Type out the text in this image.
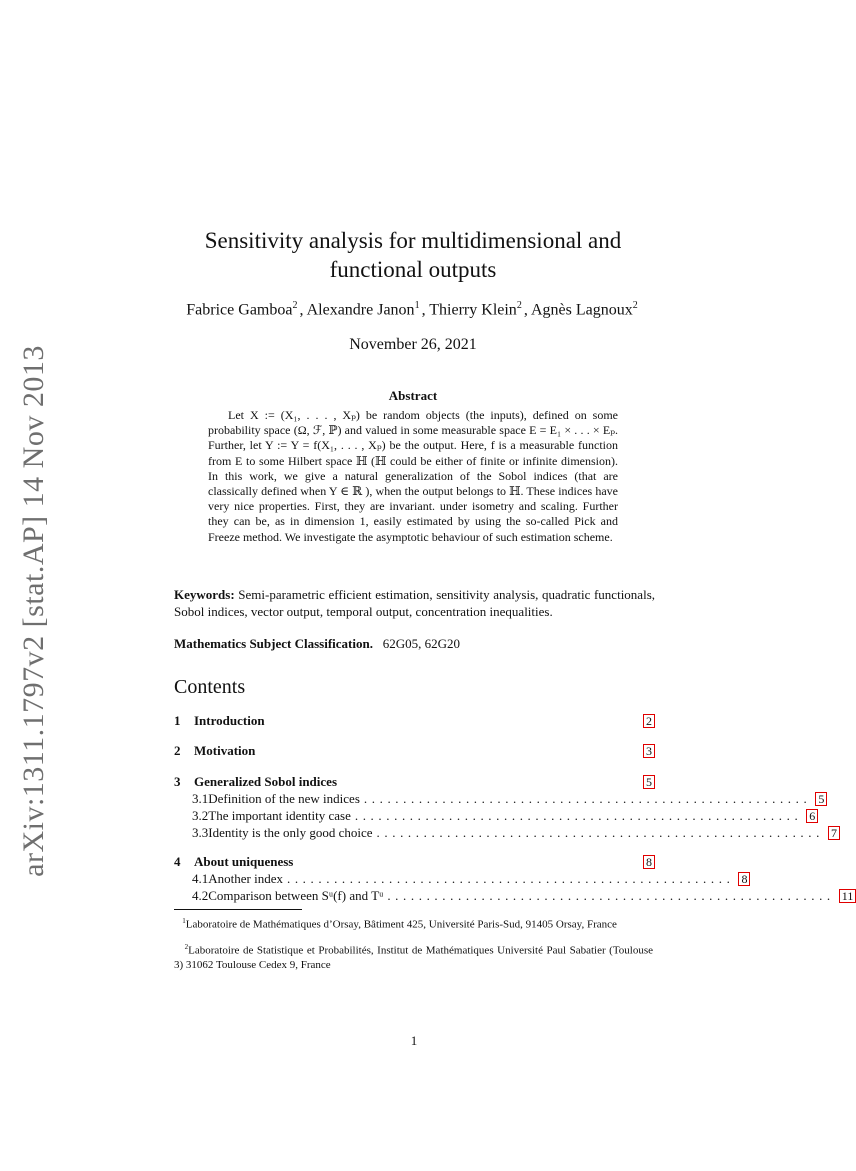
arXiv:1311.1797v2 [stat.AP] 14 Nov 2013
Sensitivity analysis for multidimensional and
functional outputs
Fabrice Gamboa$^2$ , Alexandre Janon$^1$ , Thierry Klein$^2$ , Agnès Lagnoux$^2$
November 26, 2021
Abstract
Let X := (X₁, . . . , Xₚ) be random objects (the inputs), defined on some probability space (Ω, ℱ, ℙ) and valued in some measurable space E = E₁ × . . . × Eₚ. Further, let Y := Y = f(X₁, . . . , Xₚ) be the output. Here, f is a measurable function from E to some Hilbert space ℍ (ℍ could be either of finite or infinite dimension). In this work, we give a natural generalization of the Sobol indices (that are classically defined when Y ∈ ℝ ), when the output belongs to ℍ. These indices have very nice properties. First, they are invariant. under isometry and scaling. Further they can be, as in dimension 1, easily estimated by using the so-called Pick and Freeze method. We investigate the asymptotic behaviour of such estimation scheme.
Keywords: Semi-parametric efficient estimation, sensitivity analysis, quadratic functionals, Sobol indices, vector output, temporal output, concentration inequalities.
Mathematics Subject Classification. 62G05, 62G20
Contents
1	Introduction	2
2	Motivation	3
3	Generalized Sobol indices	5
3.1 Definition of the new indices ......................................................... 5
3.2 The important identity case ......................................................... 6
3.3 Identity is the only good choice ......................................................... 7
4	About uniqueness	8
4.1 Another index ......................................................... 8
4.2 Comparison between Sᵘ(f) and Tᵘ ......................................................... 11
$^1$Laboratoire de Mathématiques d’Orsay, Bâtiment 425, Université Paris-Sud, 91405 Orsay, France
$^2$Laboratoire de Statistique et Probabilités, Institut de Mathématiques Université Paul Sabatier (Toulouse 3) 31062 Toulouse Cedex 9, France
1
